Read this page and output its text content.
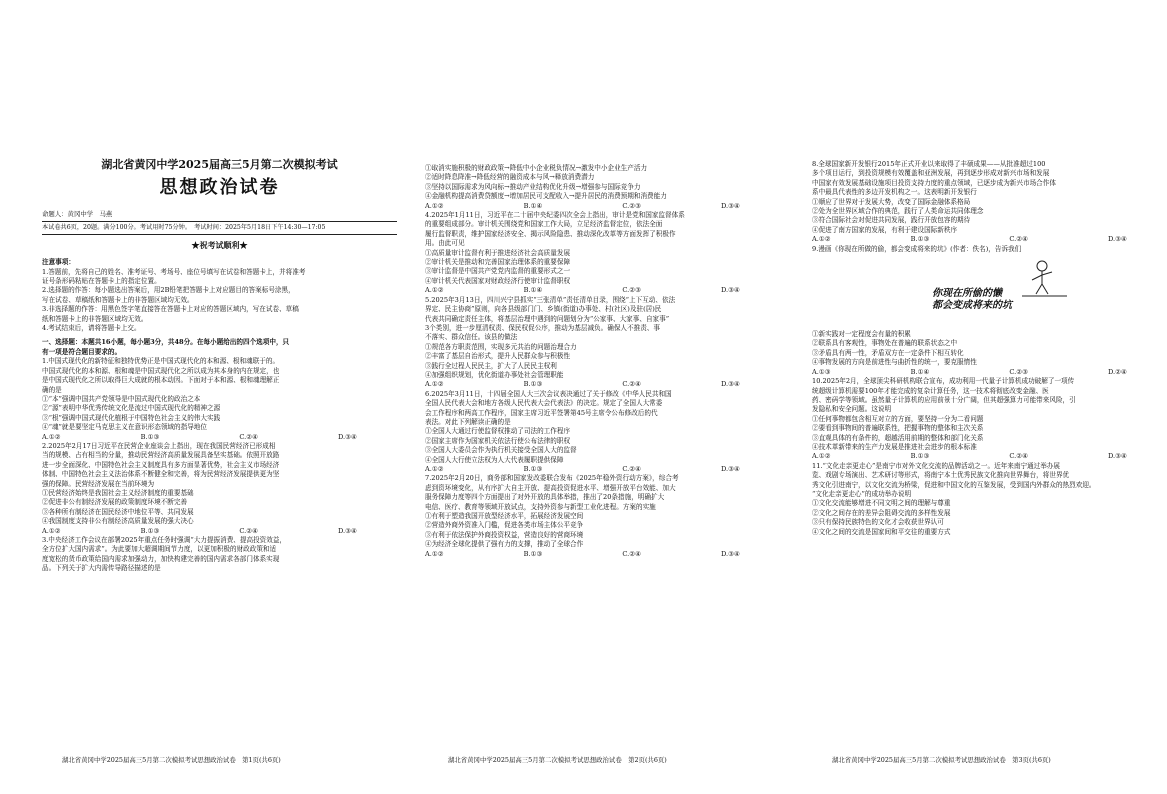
湖北省黄冈中学2025届高三5月第二次模拟考试
思想政治试卷
命题人：黄冈中学　马燕
本试卷共6页，20题。满分100分。考试用时75分钟。　考试时间：2025年5月18日下午14:30—17:05
★祝考试顺利★
注意事项：
1.答题前，先将自己的姓名、准考证号、考场号、座位号填写在试卷和答题卡上，并将准考
证号条形码粘贴在答题卡上的指定位置。
2.选择题的作答：每小题选出答案后，用2B铅笔把答题卡上对应题目的答案标号涂黑，
写在试卷、草稿纸和答题卡上的非答题区域均无效。
3.非选择题的作答：用黑色签字笔直接答在答题卡上对应的答题区域内，写在试卷、草稿
纸和答题卡上的非答题区域均无效。
4.考试结束后，请将答题卡上交。
一、选择题：本题共16小题，每小题3分，共48分。在每小题给出的四个选项中，只
有一项是符合题目要求的。
1.中国式现代化的新特征和独特优势正是中国式现代化的本和源、根和魂联于的。
中国式现代化的本和源、根和魂是中国式现代化之所以成为其本身的内在规定，也
是中国式现代化之所以取得巨大成就的根本动因。下面对于本和源、根和魂理解正
确的是
①“本”强调中国共产党领导是中国式现代化的政治之本
②“源”表明中华优秀传统文化是流过中国式现代化的精神之源
③“根”强调中国式现代化植根于中国特色社会主义的伟大实践
④“魂”就是要坚定马克思主义在意识形态领域的指导地位
A.①②	B.①③	C.②④	D.③④
2.2025年2月17日习近平在民营企业座谈会上指出，现在我国民营经济已形成相
当的规模、占有相当的分量，推动民营经济高质量发展具备坚实基础。依照开放路
进一步全面深化、中国特色社会主义制度具有多方面显著优势，社会主义市场经济
体制、中国特色社会主义法治体系不断健全和完善，将为民营经济发展提供更为坚
强的保障。民营经济发展在当前环境为
①民营经济始终是我国社会主义经济制度的重要基础
②促进非公有制经济发展的政策制度环境不断完善
③各种所有制经济在国民经济中地位平等、共同发展
④我国制度支持非公有制经济高质量发展的强大决心
A.①②	B.①③	C.②④	D.③④
3.中央经济工作会议在部署2025年重点任务时强调“大力提振消费、提高投资效益，
全方位扩大国内需求”。为此要加大超调期间节力度，以更加积极的财政政策和适
度宽松的货币政策给国内需求加强动力，加快构建完善的国内需求各部门体系实现
品。下列关于扩大内需传导路径描述的是
①取消实施积极的财政政策→降低中小企业税负情况→激发中小企业生产活力
②适时降息降准→降低经营的融资成本与风→释放消费潜力
③坚持以国际需求为风向标→推动产业结构优化升级→增强参与国际竞争力
④金融机构提高消费贷额度→增加居民可支配收入→提升居民的消费预期和消费能力
A.①②	B.①④	C.②③	D.③④
4.2025年1月11日，习近平在二十届中央纪委四次全会上指出，审计是党和国家监督体系
的重要组成部分。审计机关围绕党和国家工作大局，立足经济监督定位，依法全面
履行监督职责，维护国家经济安全、揭示风险隐患、推动深化改革等方面发挥了积极作
用。由此可见
①高质量审计监督有利于推进经济社会高质量发展
②审计机关是推动和完善国家治理体系的重要保障
③审计监督是中国共产党党内监督的重要形式之一
④审计机关代表国家对财政经济行使审计监督职权
A.①②	B.①④	C.②③	D.③④
5.2025年3月13日，四川兴宁县抓实“三张清单”责任清单目录，围绕“上下互动、依法
界定、民主协商”原则，向各县级部门门、乡镇(街道)办事处、村(社区)及驻(居)民
代表共同确定责任主体，将基层治理中遇到的问题划分为“公家事、大家事、自家事”
3个类别，进一步厘清权责、保民权促公序，推动为基层减负。确保人不推责、事
不落实、群众信任。该县的做法
①规范各方职责范围，实现多元共治的问题治理合力
②丰富了基层自治形式，提升人民群众参与积极性
③践行全过程人民民主，扩大了人民民主权利
④加强组织规划，优化街道办事处社会管理职能
A.①②	B.①③	C.②④	D.③④
6.2025年3月11日，十四届全国人大三次会议表决通过了关于修改《中华人民共和国
全国人民代表大会和地方各级人民代表大会代表法》的决定。规定了全国人大常委
会工作程序和两高工作程序，国家主席习近平签署第45号主席令公布修改后的代
表法。对此下列解读正确的是
①全国人大通过行使监督权推动了司法的工作程序
②国家主席作为国家机关依法行使公布法律的职权
③全国人大委员会作为执行机关接受全国人大的监督
④全国人大行使立法权为人大代表履职提供保障
A.①②	B.①③	C.②④	D.③④
7.2025年2月20日，商务部和国家发改委联合发布《2025年稳外资行动方案》，综合考
虑到资环境变化，从有序扩大自主开放、提高投资促进水平、增强开放平台效能、加大
服务保障力度等四个方面提出了对外开放的具体举措，推出了20条措施，明确扩大
电信、医疗、教育等领域开放试点，支持外资参与新型工业化进程。方案的实施
①有利于塑造我国开放型经济水平，拓展经济发展空间
②营造外商外资准入门槛，促进各类市场主体公平竞争
③有利于依法保护外商投资权益，营造良好的营商环境
④为经济全球化提供了强有力的支撑，推动了全球合作
A.①②	B.①③	C.②④	D.③④
8.全球国家新开发银行2015年正式开业以来取得了丰硕成果——从批准超过100
多个项目运行，到投资规模有效覆盖和亚洲发展，再到逐步形成对新兴市场和发展
中国家有效发展基础设施项目投资支持力度的重点领域，已逐步成为新兴市场合作体
系中最具代表性的多边开发机构之一。这表明新开发银行
①顺应了世界对于发展大势，改变了国际金融体系格局
②处为全世界区域合作的典范，践行了人类命运共同体理念
③符合国际社会对促进共同发展，践行开放包容的期待
④促进了南方国家的发展，有利于建设国际新秩序
A.①②	B.①③	C.②④	D.③④
9.漫画《你现在所做的偷，都会变成将来的坑》(作者：佚名)，告诉我们
你现在所偷的懒
都会变成将来的坑
①新实践对一定程度会有量的积累
②联系具有客观性，事物处在普遍的联系状态之中
③矛盾具有两一性，矛盾双方在一定条件下相互转化
④事物发展的方向是前进性与曲折性的统一，要克服惰性
A.①③	B.①④	C.②③	D.②④
10.2025年2月，全球顶尖科研机构联合宣布，成功利用一代量子计算机成功破解了一项传
统超级计算机需要100年才能完成的复杂计算任务，这一技术将彻底改变金融、医
药、密码学等领域。虽然量子计算机的应用前景十分广阔，但其超强算力可能带来风险，引
发隐私和安全问题。这说明
①任何事物都包含相互对立的方面，要坚持一分为二看问题
②要看到事物间的普遍联系性，把握事物的整体和主次关系
③直观具体的有条件的，超越活用前期的整体和部门化关系
④技术革新带来的生产力发展是推进社会进步的根本标准
A.①②	B.①③	C.②④	D.③④
11.“文化走亲更走心”是南宁市对外文化交流的品牌活动之一。近年来南宁通过举办展
览、戏剧专场演出、艺术研讨等形式，将南宁本土优秀民族文化推向世界舞台，将世界优
秀文化引进南宁，以文化交流为桥梁，促进和中国文化的互鉴发展，受到国内外群众的热烈欢迎。
“文化走亲更走心”的成功举办说明
①文化交流能够增进不同文明之间的理解与尊重
②文化之间存在的差异会阻碍交流的多样性发展
③只有保持民族特色的文化才会收获世界认可
④文化之间的交流是国家间和平交往的重要方式
湖北省黄冈中学2025届高三5月第二次模拟考试思想政治试卷　第1页(共6页)	湖北省黄冈中学2025届高三5月第二次模拟考试思想政治试卷　第2页(共6页)	湖北省黄冈中学2025届高三5月第二次模拟考试思想政治试卷　第3页(共6页)
